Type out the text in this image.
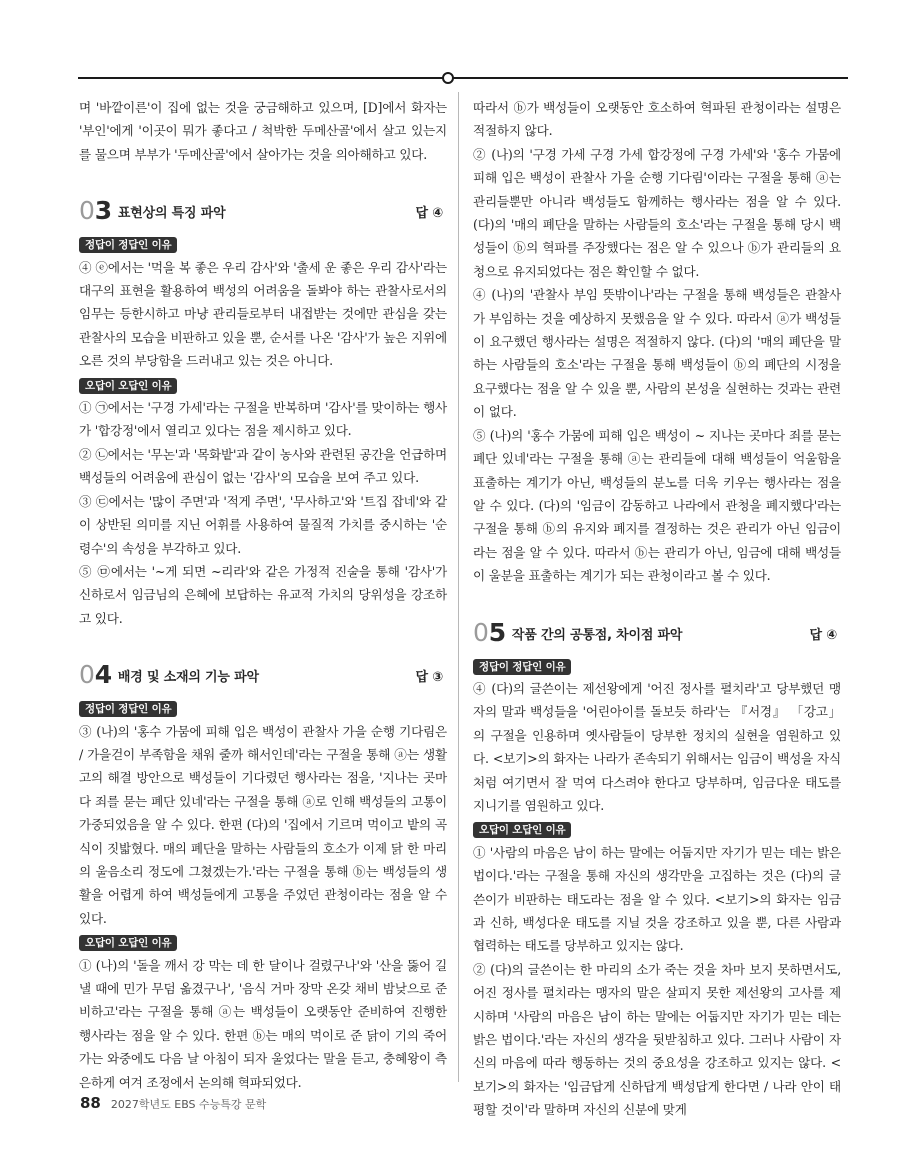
며 '바깥이른'이 집에 없는 것을 궁금해하고 있으며, [D]에서 화자는 '부인'에게 '이곳이 뭐가 좋다고 / 척박한 두메산골'에서 살고 있는지를 물으며 부부가 '두메산골'에서 살아가는 것을 의아해하고 있다.

03 표현상의 특징 파악	답 ④
정답이 정답인 이유

④ ⓔ에서는 '먹을 복 좋은 우리 감사'와 '출세 운 좋은 우리 감사'라는 대구의 표현을 활용하여 백성의 어려움을 돌봐야 하는 관찰사로서의 임무는 등한시하고 마냥 관리들로부터 내접받는 것에만 관심을 갖는 관찰사의 모습을 비판하고 있을 뿐, 순서를 나온 '감사'가 높은 지위에 오른 것의 부당함을 드러내고 있는 것은 아니다.

오답이 오답인 이유

① ㉠에서는 '구경 가세'라는 구절을 반복하며 '감사'를 맞이하는 행사가 '합강정'에서 열리고 있다는 점을 제시하고 있다.

② ㉡에서는 '무논'과 '목화밭'과 같이 농사와 관련된 공간을 언급하며 백성들의 어려움에 관심이 없는 '감사'의 모습을 보여 주고 있다.

③ ㉢에서는 '많이 주면'과 '적게 주면', '무사하고'와 '트집 잡네'와 같이 상반된 의미를 지닌 어휘를 사용하여 물질적 가치를 중시하는 '순령수'의 속성을 부각하고 있다.

⑤ ㉤에서는 '~게 되면 ~리라'와 같은 가정적 진술을 통해 '감사'가 신하로서 임금님의 은혜에 보답하는 유교적 가치의 당위성을 강조하고 있다.

04 배경 및 소재의 기능 파악	답 ③
정답이 정답인 이유

③ (나)의 '홍수 가뭄에 피해 입은 백성이 관찰사 가을 순행 기다림은 / 가을걷이 부족함을 채워 줄까 해서인데'라는 구절을 통해 ⓐ는 생활고의 해결 방안으로 백성들이 기다렸던 행사라는 점을, '지나는 곳마다 죄를 묻는 폐단 있네'라는 구절을 통해 ⓐ로 인해 백성들의 고통이 가중되었음을 알 수 있다. 한편 (다)의 '집에서 기르며 먹이고 밭의 곡식이 짓밟혔다. 매의 폐단을 말하는 사람들의 호소가 이제 닭 한 마리의 울음소리 정도에 그쳤겠는가.'라는 구절을 통해 ⓑ는 백성들의 생활을 어렵게 하여 백성들에게 고통을 주었던 관청이라는 점을 알 수 있다.

오답이 오답인 이유

① (나)의 '돌을 깨서 강 막는 데 한 달이나 걸렸구나'와 '산을 뚫어 길 낼 때에 민가 무덤 옮겼구나', '음식 거마 장막 온갖 채비 밤낮으로 준비하고'라는 구절을 통해 ⓐ는 백성들이 오랫동안 준비하여 진행한 행사라는 점을 알 수 있다. 한편 ⓑ는 매의 먹이로 준 닭이 기의 죽어 가는 와중에도 다음 날 아침이 되자 울었다는 말을 듣고, 충혜왕이 측은하게 여겨 조정에서 논의해 혁파되었다.

따라서 ⓑ가 백성들이 오랫동안 호소하여 혁파된 관청이라는 설명은 적절하지 않다.

② (나)의 '구경 가세 구경 가세 합강정에 구경 가세'와 '홍수 가뭄에 피해 입은 백성이 관찰사 가을 순행 기다림'이라는 구절을 통해 ⓐ는 관리들뿐만 아니라 백성들도 함께하는 행사라는 점을 알 수 있다. (다)의 '매의 폐단을 말하는 사람들의 호소'라는 구절을 통해 당시 백성들이 ⓑ의 혁파를 주장했다는 점은 알 수 있으나 ⓑ가 관리들의 요청으로 유지되었다는 점은 확인할 수 없다.

④ (나)의 '관찰사 부임 뜻밖이나'라는 구절을 통해 백성들은 관찰사가 부임하는 것을 예상하지 못했음을 알 수 있다. 따라서 ⓐ가 백성들이 요구했던 행사라는 설명은 적절하지 않다. (다)의 '매의 폐단을 말하는 사람들의 호소'라는 구절을 통해 백성들이 ⓑ의 폐단의 시정을 요구했다는 점을 알 수 있을 뿐, 사람의 본성을 실현하는 것과는 관련이 없다.

⑤ (나)의 '홍수 가뭄에 피해 입은 백성이 ~ 지나는 곳마다 죄를 묻는 폐단 있네'라는 구절을 통해 ⓐ는 관리들에 대해 백성들이 억울함을 표출하는 계기가 아닌, 백성들의 분노를 더욱 키우는 행사라는 점을 알 수 있다. (다)의 '임금이 감동하고 나라에서 관청을 폐지했다'라는 구절을 통해 ⓑ의 유지와 폐지를 결정하는 것은 관리가 아닌 임금이라는 점을 알 수 있다. 따라서 ⓑ는 관리가 아닌, 임금에 대해 백성들이 울분을 표출하는 계기가 되는 관청이라고 볼 수 있다.

05 작품 간의 공통점, 차이점 파악	답 ④
정답이 정답인 이유

④ (다)의 글쓴이는 제선왕에게 '어진 정사를 펼치라'고 당부했던 맹자의 말과 백성들을 '어린아이를 돌보듯 하라'는 『서경』 「강고」의 구절을 인용하며 옛사람들이 당부한 정치의 실현을 염원하고 있다. <보기>의 화자는 나라가 존속되기 위해서는 임금이 백성을 자식처럼 여기면서 잘 먹여 다스려야 한다고 당부하며, 임금다운 태도를 지니기를 염원하고 있다.

오답이 오답인 이유

① '사람의 마음은 남이 하는 말에는 어둡지만 자기가 믿는 데는 밝은 법이다.'라는 구절을 통해 자신의 생각만을 고집하는 것은 (다)의 글쓴이가 비판하는 태도라는 점을 알 수 있다. <보기>의 화자는 임금과 신하, 백성다운 태도를 지닐 것을 강조하고 있을 뿐, 다른 사람과 협력하는 태도를 당부하고 있지는 않다.

② (다)의 글쓴이는 한 마리의 소가 죽는 것을 차마 보지 못하면서도, 어진 정사를 펼치라는 맹자의 말은 살피지 못한 제선왕의 고사를 제시하며 '사람의 마음은 남이 하는 말에는 어둡지만 자기가 믿는 데는 밝은 법이다.'라는 자신의 생각을 뒷받침하고 있다. 그러나 사람이 자신의 마음에 따라 행동하는 것의 중요성을 강조하고 있지는 않다. <보기>의 화자는 '임금답게 신하답게 백성답게 한다면 / 나라 안이 태평할 것이'라 말하며 자신의 신분에 맞게

88 2027학년도 EBS 수능특강 문학
